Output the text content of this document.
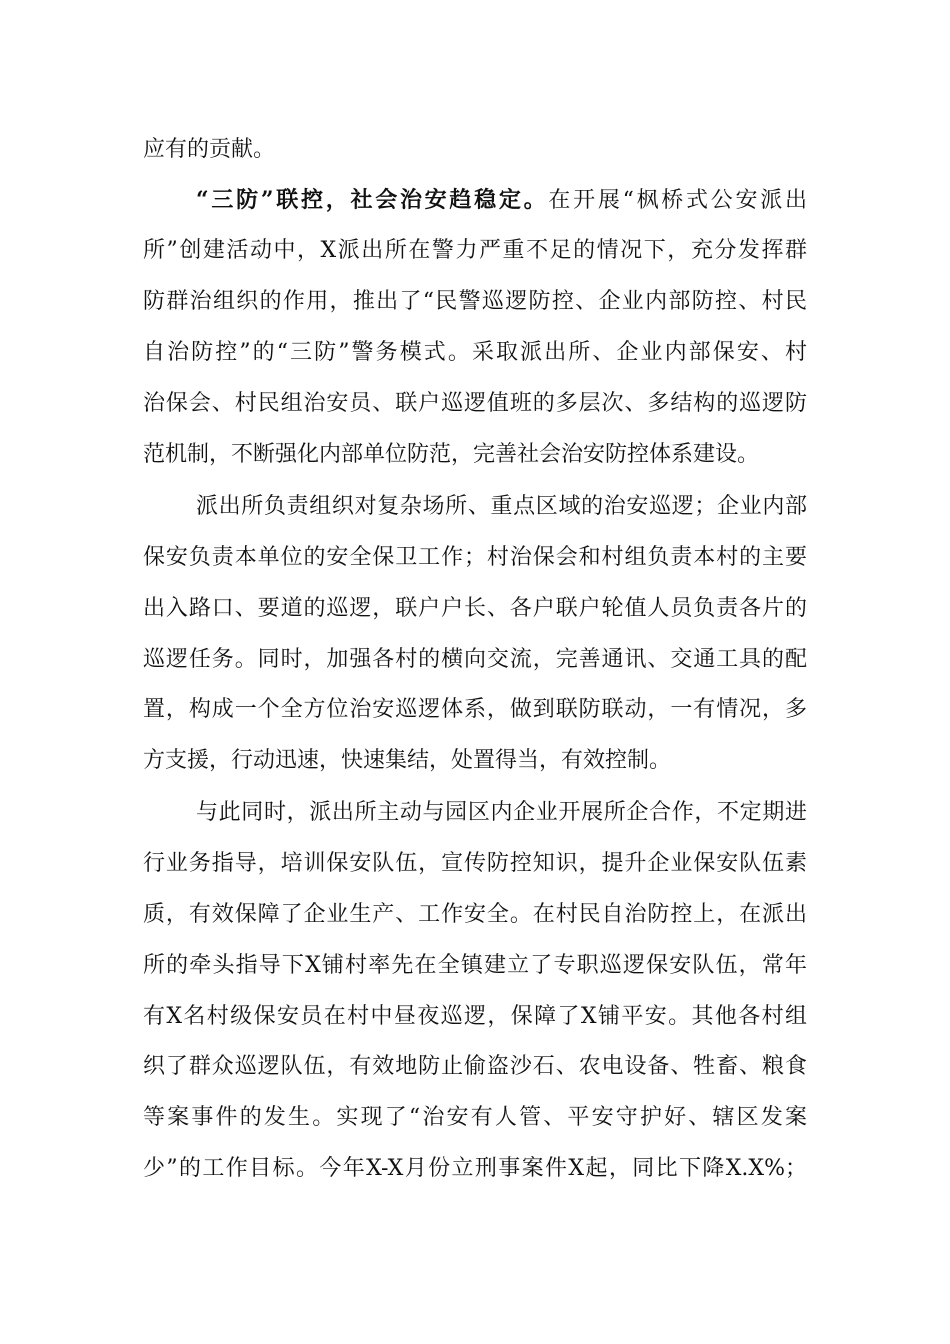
应有的贡献。
“三防”联控，社会治安趋稳定。在开展“枫桥式公安派出
所”创建活动中，X派出所在警力严重不足的情况下，充分发挥群
防群治组织的作用，推出了“民警巡逻防控、企业内部防控、村民
自治防控”的“三防”警务模式。采取派出所、企业内部保安、村
治保会、村民组治安员、联户巡逻值班的多层次、多结构的巡逻防
范机制，不断强化内部单位防范，完善社会治安防控体系建设。
派出所负责组织对复杂场所、重点区域的治安巡逻；企业内部
保安负责本单位的安全保卫工作；村治保会和村组负责本村的主要
出入路口、要道的巡逻，联户户长、各户联户轮值人员负责各片的
巡逻任务。同时，加强各村的横向交流，完善通讯、交通工具的配
置，构成一个全方位治安巡逻体系，做到联防联动，一有情况，多
方支援，行动迅速，快速集结，处置得当，有效控制。
与此同时，派出所主动与园区内企业开展所企合作，不定期进
行业务指导，培训保安队伍，宣传防控知识，提升企业保安队伍素
质，有效保障了企业生产、工作安全。在村民自治防控上，在派出
所的牵头指导下X铺村率先在全镇建立了专职巡逻保安队伍，常年
有X名村级保安员在村中昼夜巡逻，保障了X铺平安。其他各村组
织了群众巡逻队伍，有效地防止偷盗沙石、农电设备、牲畜、粮食
等案事件的发生。实现了“治安有人管、平安守护好、辖区发案
少”的工作目标。今年X-X月份立刑事案件X起，同比下降X.X%；
